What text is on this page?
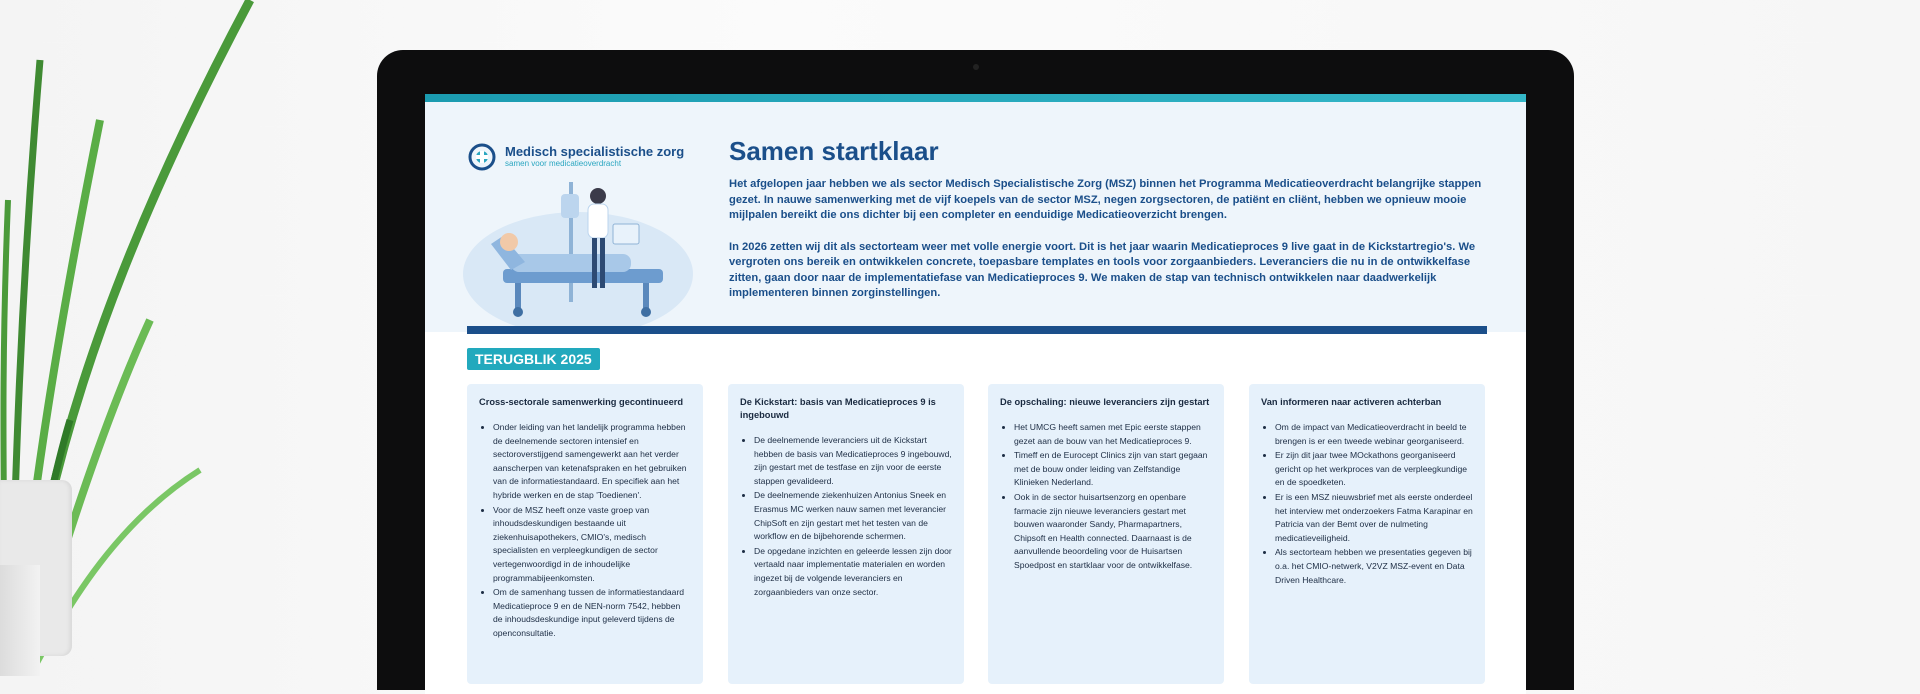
Medisch specialistische zorg
samen voor medicatieoverdracht	Samen startklaar

Het afgelopen jaar hebben we als sector Medisch Specialistische Zorg (MSZ) binnen het Programma Medicatieoverdracht belangrijke stappen gezet. In nauwe samenwerking met de vijf koepels van de sector MSZ, negen zorgsectoren, de patiënt en cliënt, hebben we opnieuw mooie mijlpalen bereikt die ons dichter bij een completer en eenduidige Medicatieoverzicht brengen.

In 2026 zetten wij dit als sectorteam weer met volle energie voort. Dit is het jaar waarin Medicatieproces 9 live gaat in de Kickstartregio's. We vergroten ons bereik en ontwikkelen concrete, toepasbare templates en tools voor zorgaanbieders. Leveranciers die nu in de ontwikkelfase zitten, gaan door naar de implementatiefase van Medicatieproces 9. We maken de stap van technisch ontwikkelen naar daadwerkelijk implementeren binnen zorginstellingen.

TERUGBLIK 2025
Cross-sectorale samenwerking gecontinueerd
• Onder leiding van het landelijk programma hebben de deelnemende sectoren intensief en sectoroverstijgend samengewerkt aan het verder aanscherpen van ketenafspraken en het gebruiken van de informatiestandaard. En specifiek aan het hybride werken en de stap 'Toedienen'.
• Voor de MSZ heeft onze vaste groep van inhoudsdeskundigen bestaande uit ziekenhuisapothekers, CMIO's, medisch specialisten en verpleegkundigen de sector vertegenwoordigd in de inhoudelijke programmabijeenkomsten.
• Om de samenhang tussen de informatiestandaard Medicatieproce 9 en de NEN-norm 7542, hebben de inhoudsdeskundige input geleverd tijdens de openconsultatie.
De Kickstart: basis van Medicatieproces 9 is ingebouwd
• De deelnemende leveranciers uit de Kickstart hebben de basis van Medicatieproces 9 ingebouwd, zijn gestart met de testfase en zijn voor de eerste stappen gevalideerd.
• De deelnemende ziekenhuizen Antonius Sneek en Erasmus MC werken nauw samen met leverancier ChipSoft en zijn gestart met het testen van de workflow en de bijbehorende schermen.
• De opgedane inzichten en geleerde lessen zijn door vertaald naar implementatie materialen en worden ingezet bij de volgende leveranciers en zorgaanbieders van onze sector.
De opschaling: nieuwe leveranciers zijn gestart
• Het UMCG heeft samen met Epic eerste stappen gezet aan de bouw van het Medicatieproces 9.
• Timeff en de Eurocept Clinics zijn van start gegaan met de bouw onder leiding van Zelfstandige Klinieken Nederland.
• Ook in de sector huisartsenzorg en openbare farmacie zijn nieuwe leveranciers gestart met bouwen waaronder Sandy, Pharmapartners, Chipsoft en Health connected. Daarnaast is de aanvullende beoordeling voor de Huisartsen Spoedpost en startklaar voor de ontwikkelfase.
Van informeren naar activeren achterban
• Om de impact van Medicatieoverdracht in beeld te brengen is er een tweede webinar georganiseerd.
• Er zijn dit jaar twee MOckathons georganiseerd gericht op het werkproces van de verpleegkundige en de spoedketen.
• Er is een MSZ nieuwsbrief met als eerste onderdeel het interview met onderzoekers Fatma Karapinar en Patricia van der Bemt over de nulmeting medicatieveiligheid.
• Als sectorteam hebben we presentaties gegeven bij o.a. het CMIO-netwerk, V2VZ MSZ-event en Data Driven Healthcare.
